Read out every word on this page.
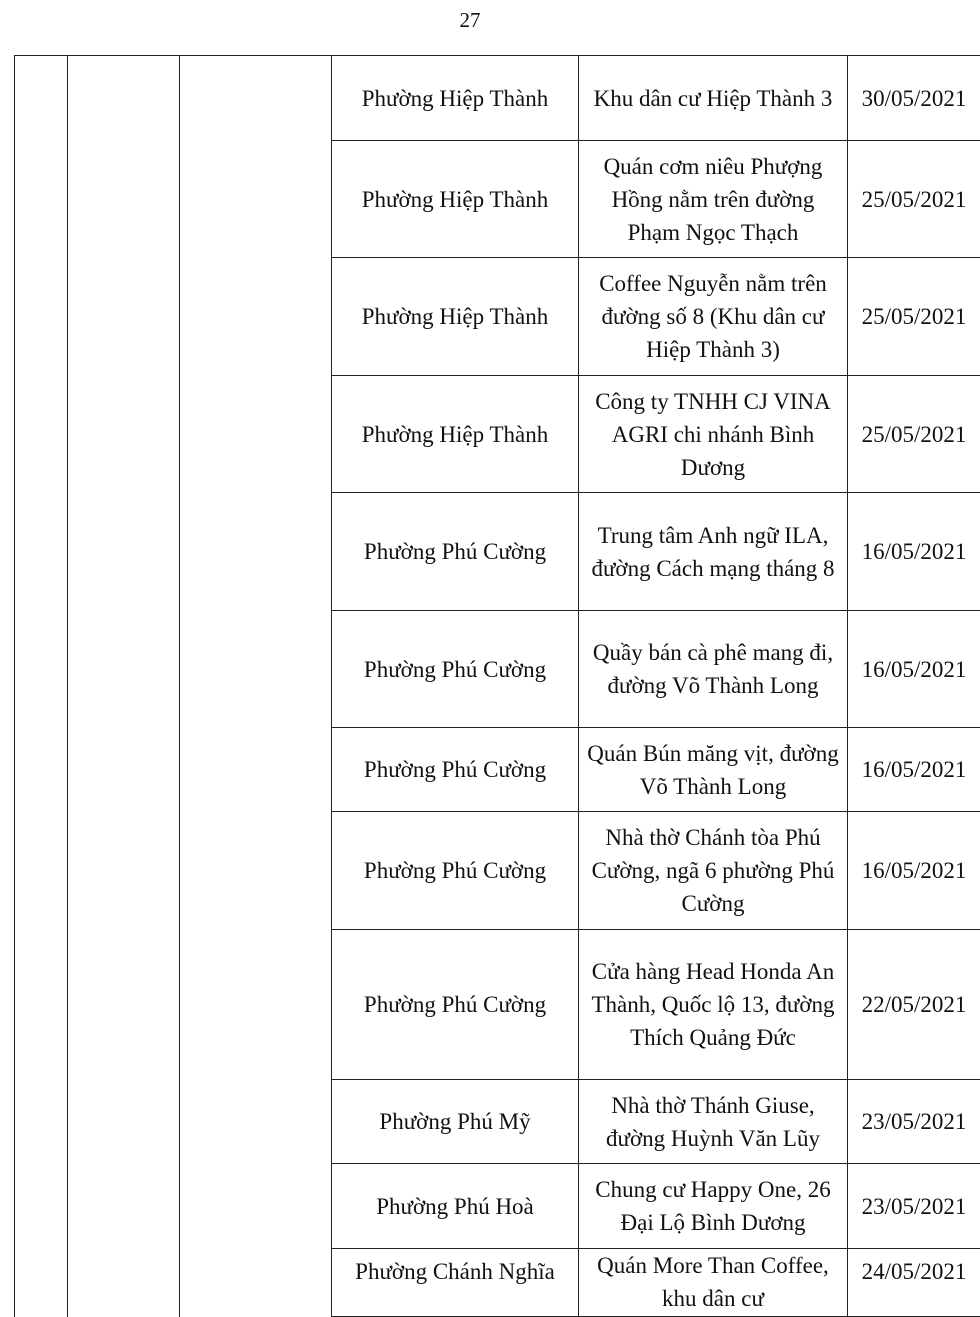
27
			Phường Hiệp Thành	Khu dân cư Hiệp Thành 3	30/05/2021
			Phường Hiệp Thành	Quán cơm niêu Phượng Hồng nằm trên đường Phạm Ngọc Thạch	25/05/2021
			Phường Hiệp Thành	Coffee Nguyễn nằm trên đường số 8 (Khu dân cư Hiệp Thành 3)	25/05/2021
			Phường Hiệp Thành	Công ty TNHH CJ VINA AGRI chi nhánh Bình Dương	25/05/2021
			Phường Phú Cường	Trung tâm Anh ngữ ILA, đường Cách mạng tháng 8	16/05/2021
			Phường Phú Cường	Quầy bán cà phê mang đi, đường Võ Thành Long	16/05/2021
			Phường Phú Cường	Quán Bún măng vịt, đường Võ Thành Long	16/05/2021
			Phường Phú Cường	Nhà thờ Chánh tòa Phú Cường, ngã 6 phường Phú Cường	16/05/2021
			Phường Phú Cường	Cửa hàng Head Honda An Thành, Quốc lộ 13, đường Thích Quảng Đức	22/05/2021
			Phường Phú Mỹ	Nhà thờ Thánh Giuse, đường Huỳnh Văn Lũy	23/05/2021
			Phường Phú Hoà	Chung cư Happy One, 26 Đại Lộ Bình Dương	23/05/2021
			Phường Chánh Nghĩa	Quán More Than Coffee, khu dân cư	24/05/2021
